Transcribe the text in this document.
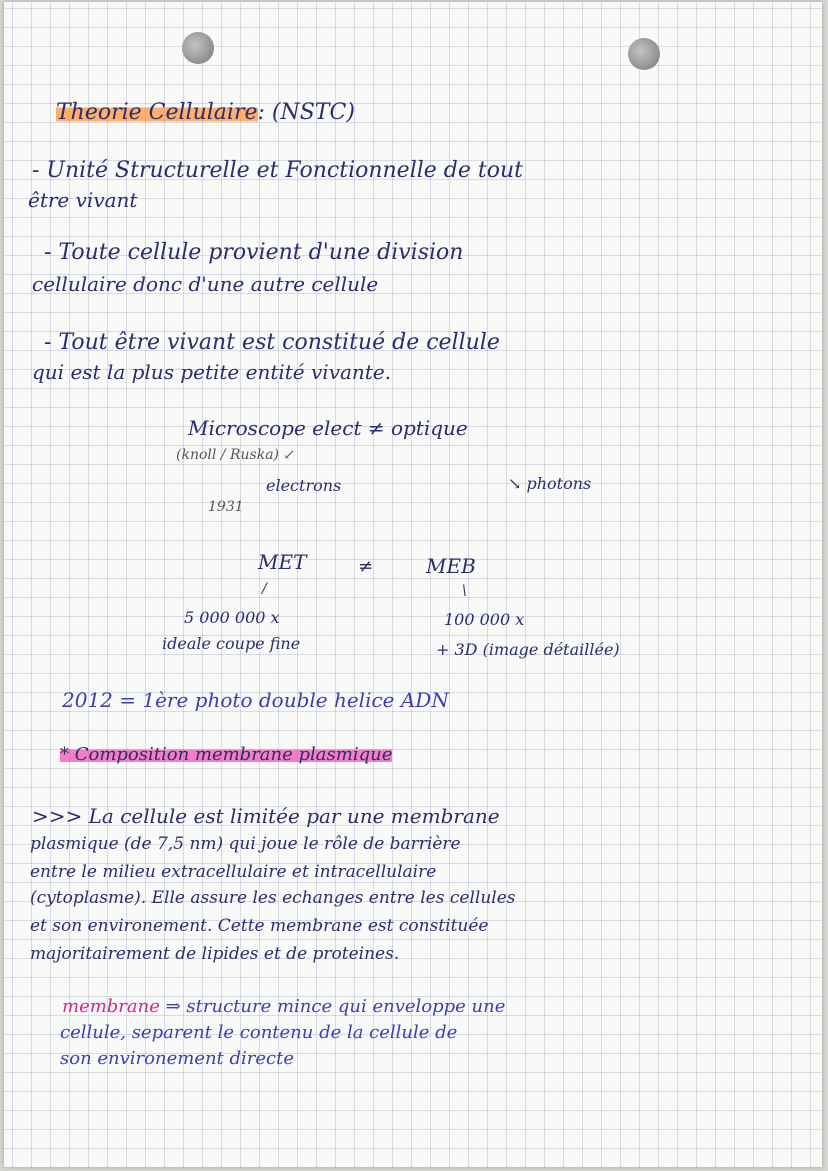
Theorie Cellulaire: (NSTC)
- Unité Structurelle et Fonctionnelle de tout
être vivant
- Toute cellule provient d'une division
cellulaire donc d'une autre cellule
- Tout être vivant est constitué de cellule
qui est la plus petite entité vivante.
Microscope elect ≠ optique
(knoll / Ruska) ↙
electrons	↘ photons
1931
MET	≠	MEB
/	\
5 000 000 x
ideale coupe fine
100 000 x
+ 3D (image détaillée)
2012 = 1ère photo double helice ADN
* Composition membrane plasmique
>>> La cellule est limitée par une membrane
plasmique (de 7,5 nm) qui joue le rôle de barrière
entre le milieu extracellulaire et intracellulaire
(cytoplasme). Elle assure les echanges entre les cellules
et son environement. Cette membrane est constituée
majoritairement de lipides et de proteines.
membrane ⇒ structure mince qui enveloppe une
cellule, separent le contenu de la cellule de
son environement directe
